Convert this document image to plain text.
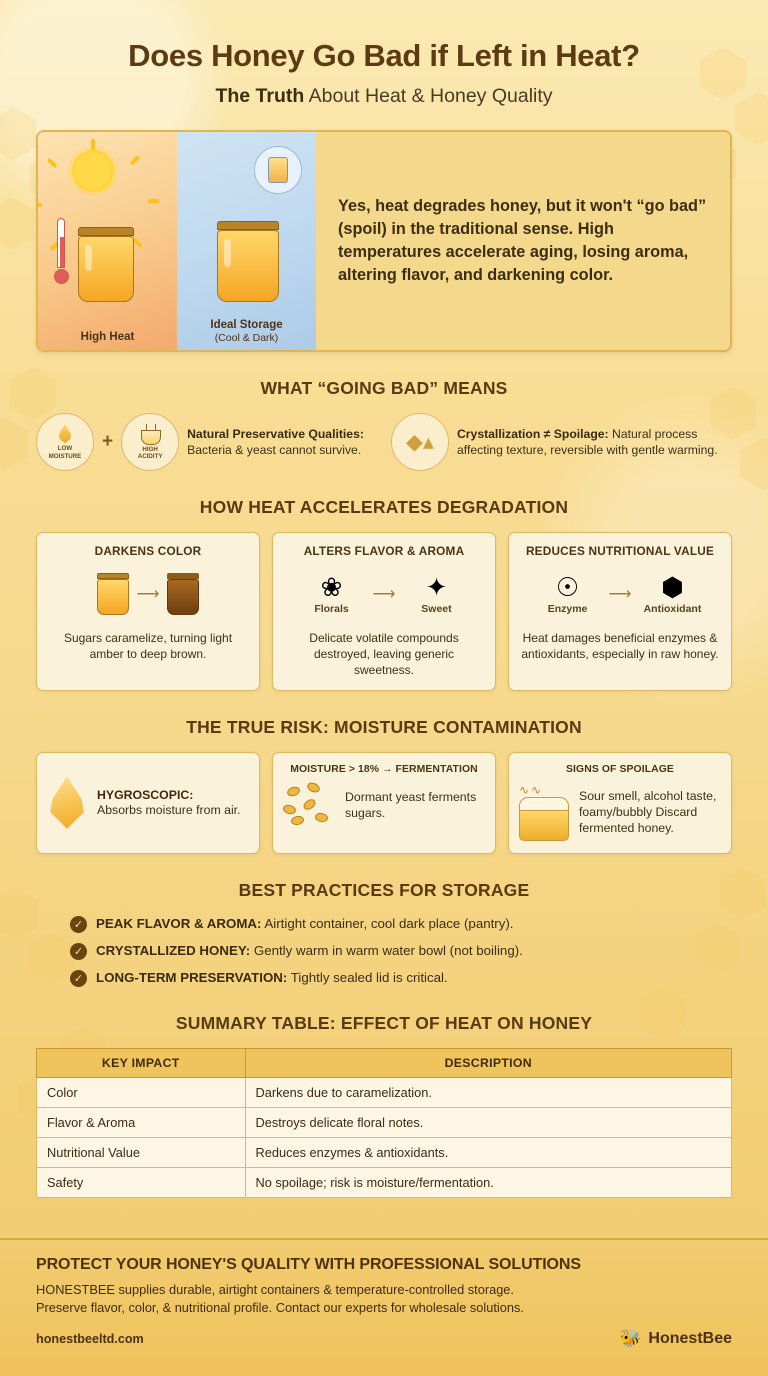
Does Honey Go Bad if Left in Heat?
The Truth About Heat & Honey Quality
High Heat
Ideal Storage
(Cool & Dark)
Yes, heat degrades honey, but it won't “go bad” (spoil) in the traditional sense. High temperatures accelerate aging, losing aroma, altering flavor, and darkening color.
WHAT “GOING BAD” MEANS
LOW
MOISTURE
+	HIGH
ACIDITY
Natural Preservative Qualities: Bacteria & yeast cannot survive.	◆▴ Crystallization ≠ Spoilage: Natural process affecting texture, reversible with gentle warming.
HOW HEAT ACCELERATES DEGRADATION
DARKENS COLOR
⟶
Sugars caramelize, turning light amber to deep brown.
ALTERS FLAVOR & AROMA
❀
Florals
⟶ ✦
Sweet
Delicate volatile compounds destroyed, leaving generic sweetness.
REDUCES NUTRITIONAL VALUE
☉
Enzyme
⟶ ⬢
Antioxidant
Heat damages beneficial enzymes & antioxidants, especially in raw honey.
THE TRUE RISK: MOISTURE CONTAMINATION
HYGROSCOPIC:
Absorbs moisture from air.
MOISTURE > 18% → FERMENTATION
Dormant yeast ferments sugars.
SIGNS OF SPOILAGE
∿∿	Sour smell, alcohol taste, foamy/bubbly Discard fermented honey.
BEST PRACTICES FOR STORAGE
✓ PEAK FLAVOR & AROMA: Airtight container, cool dark place (pantry).
✓ CRYSTALLIZED HONEY: Gently warm in warm water bowl (not boiling).
✓ LONG-TERM PRESERVATION: Tightly sealed lid is critical.
SUMMARY TABLE: EFFECT OF HEAT ON HONEY
KEY IMPACT	DESCRIPTION
Color	Darkens due to caramelization.
Flavor & Aroma	Destroys delicate floral notes.
Nutritional Value	Reduces enzymes & antioxidants.
Safety	No spoilage; risk is moisture/fermentation.
PROTECT YOUR HONEY'S QUALITY WITH PROFESSIONAL SOLUTIONS
HONESTBEE supplies durable, airtight containers & temperature-controlled storage.
Preserve flavor, color, & nutritional profile. Contact our experts for wholesale solutions.
honestbeeltd.com	🐝 HonestBee
